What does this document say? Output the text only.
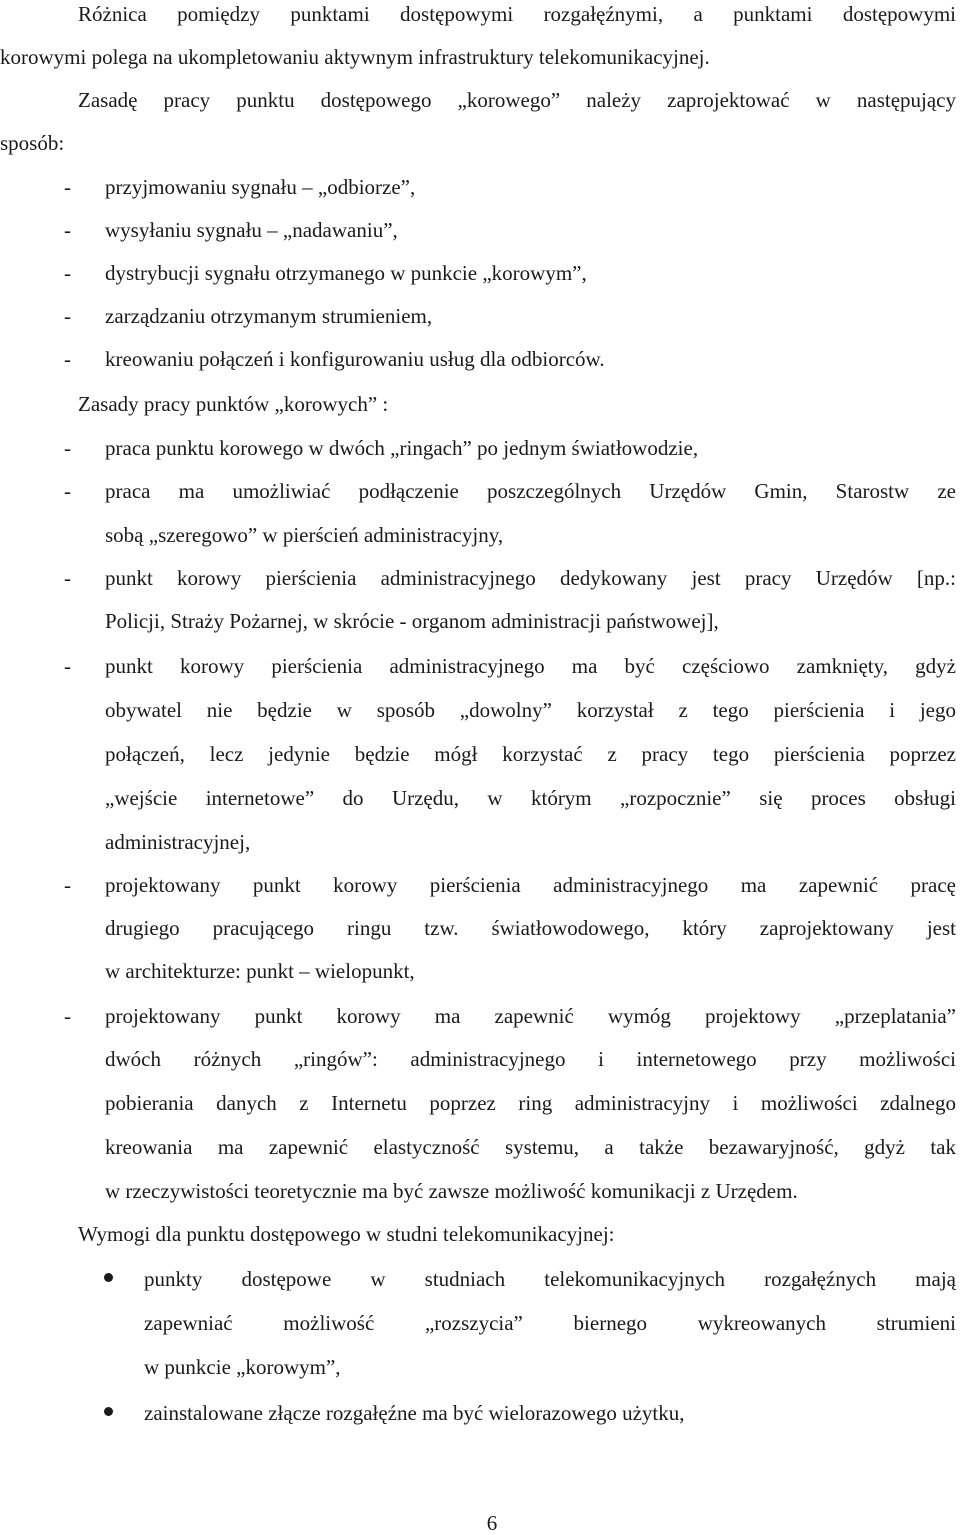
Różnica pomiędzy punktami dostępowymi rozgałęźnymi, a punktami dostępowymi
korowymi polega na ukompletowaniu aktywnym infrastruktury telekomunikacyjnej.
Zasadę pracy punktu dostępowego „korowego” należy zaprojektować w następujący
sposób:
- przyjmowaniu sygnału – „odbiorze”,
- wysyłaniu sygnału – „nadawaniu”,
- dystrybucji sygnału otrzymanego w punkcie „korowym”,
- zarządzaniu otrzymanym strumieniem,
- kreowaniu połączeń i konfigurowaniu usług dla odbiorców.
Zasady pracy punktów „korowych” :
- praca punktu korowego w dwóch „ringach” po jednym światłowodzie,
- praca ma umożliwiać podłączenie poszczególnych Urzędów Gmin, Starostw ze
sobą „szeregowo” w pierścień administracyjny,
- punkt korowy pierścienia administracyjnego dedykowany jest pracy Urzędów [np.:
Policji, Straży Pożarnej, w skrócie - organom administracji państwowej],
- punkt korowy pierścienia administracyjnego ma być częściowo zamknięty, gdyż
obywatel nie będzie w sposób „dowolny” korzystał z tego pierścienia i jego
połączeń, lecz jedynie będzie mógł korzystać z pracy tego pierścienia poprzez
„wejście internetowe” do Urzędu, w którym „rozpocznie” się proces obsługi
administracyjnej,
- projektowany punkt korowy pierścienia administracyjnego ma zapewnić pracę
drugiego pracującego ringu tzw. światłowodowego, który zaprojektowany jest
w architekturze: punkt – wielopunkt,
- projektowany punkt korowy ma zapewnić wymóg projektowy „przeplatania”
dwóch różnych „ringów”: administracyjnego i internetowego przy możliwości
pobierania danych z Internetu poprzez ring administracyjny i możliwości zdalnego
kreowania ma zapewnić elastyczność systemu, a także bezawaryjność, gdyż tak
w rzeczywistości teoretycznie ma być zawsze możliwość komunikacji z Urzędem.
Wymogi dla punktu dostępowego w studni telekomunikacyjnej:
punkty dostępowe w studniach telekomunikacyjnych rozgałęźnych mają
zapewniać możliwość „rozszycia” biernego wykreowanych strumieni
w punkcie „korowym”,
zainstalowane złącze rozgałęźne ma być wielorazowego użytku,
6
